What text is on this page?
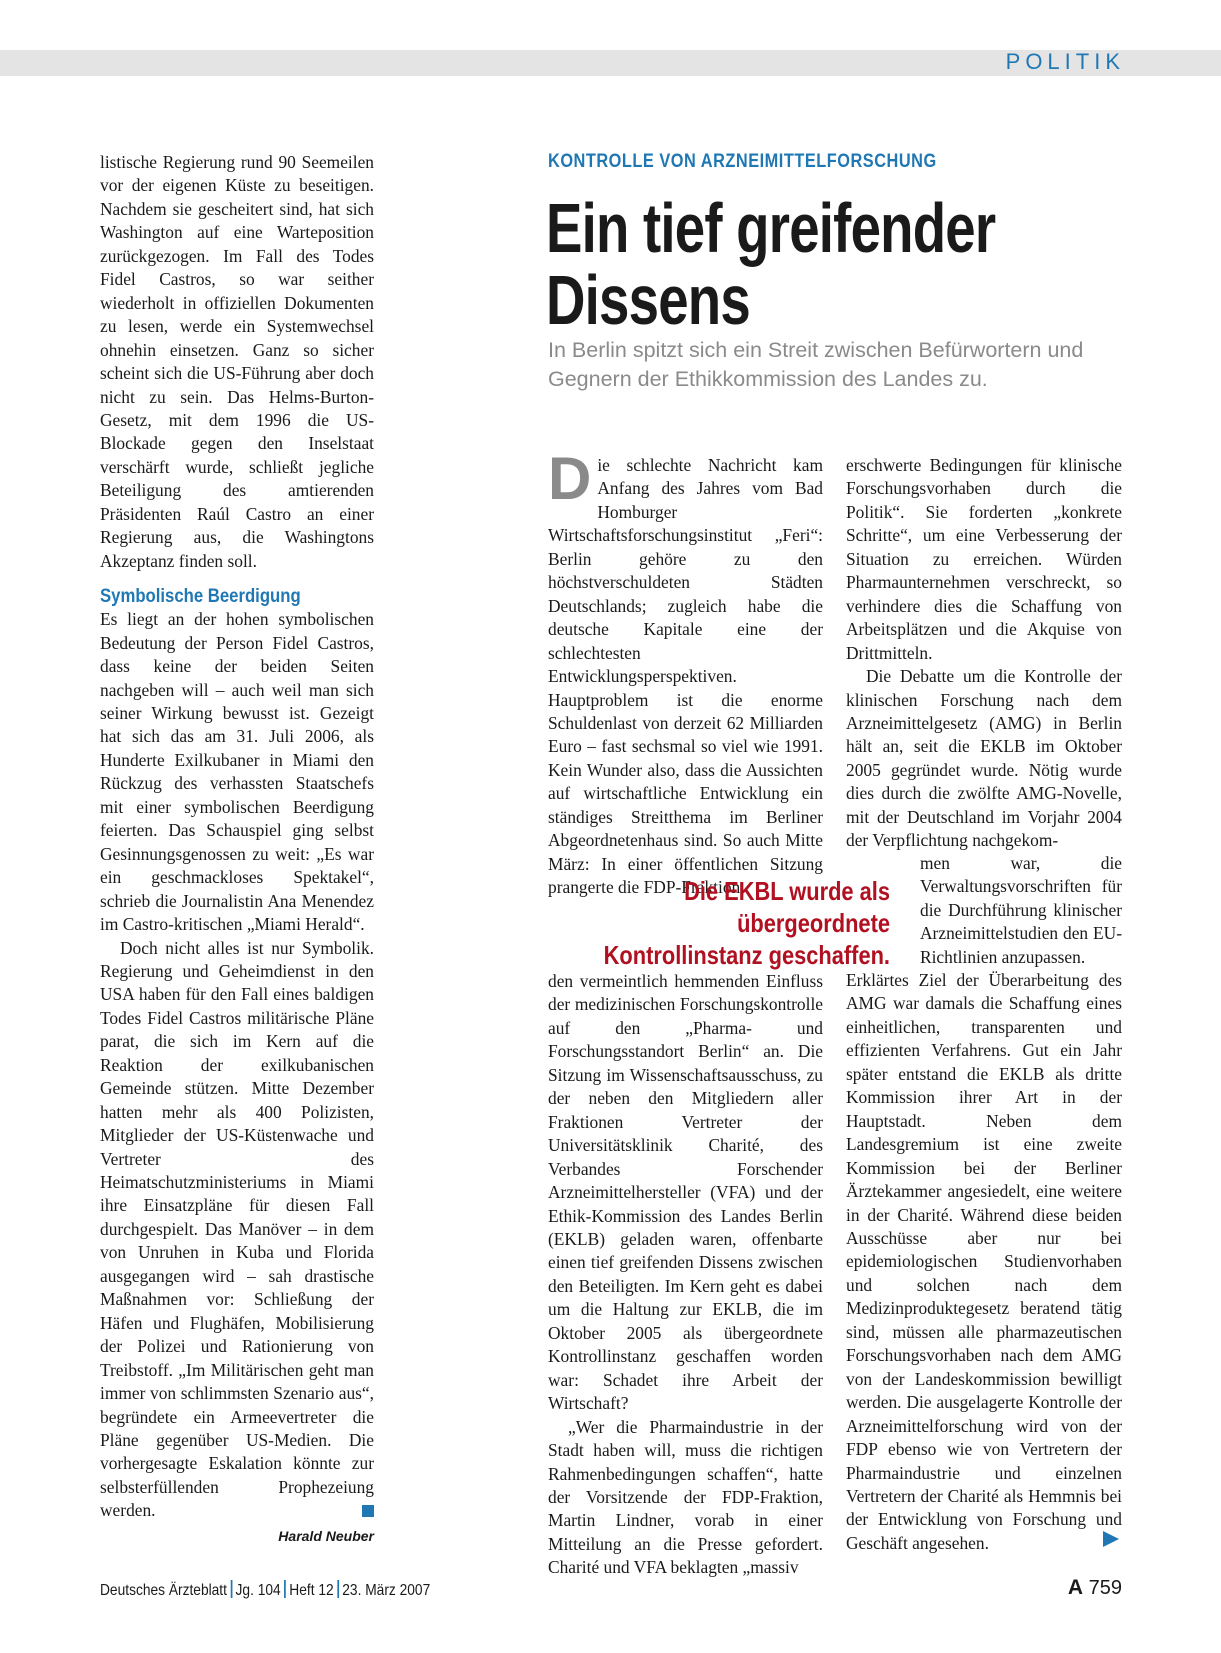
POLITIK

listische Regierung rund 90 Seemeilen vor der eigenen Küste zu beseitigen. Nachdem sie gescheitert sind, hat sich Washington auf eine Warteposition zurückgezogen. Im Fall des Todes Fidel Castros, so war seither wiederholt in offiziellen Dokumenten zu lesen, werde ein Systemwechsel ohnehin einsetzen. Ganz so sicher scheint sich die US-Führung aber doch nicht zu sein. Das Helms-Burton-Gesetz, mit dem 1996 die US-Blockade gegen den Inselstaat verschärft wurde, schließt jegliche Beteiligung des amtierenden Präsidenten Raúl Castro an einer Regierung aus, die Washingtons Akzeptanz finden soll.

Symbolische Beerdigung

Es liegt an der hohen symbolischen Bedeutung der Person Fidel Castros, dass keine der beiden Seiten nachgeben will – auch weil man sich seiner Wirkung bewusst ist. Gezeigt hat sich das am 31. Juli 2006, als Hunderte Exilkubaner in Miami den Rückzug des verhassten Staatschefs mit einer symbolischen Beerdigung feierten. Das Schauspiel ging selbst Gesinnungsgenossen zu weit: „Es war ein geschmackloses Spektakel“, schrieb die Journalistin Ana Menendez im Castro-kritischen „Miami Herald“.

Doch nicht alles ist nur Symbolik. Regierung und Geheimdienst in den USA haben für den Fall eines baldigen Todes Fidel Castros militärische Pläne parat, die sich im Kern auf die Reaktion der exilkubanischen Gemeinde stützen. Mitte Dezember hatten mehr als 400 Polizisten, Mitglieder der US-Küstenwache und Vertreter des Heimatschutzministeriums in Miami ihre Einsatzpläne für diesen Fall durchgespielt. Das Manöver – in dem von Unruhen in Kuba und Florida ausgegangen wird – sah drastische Maßnahmen vor: Schließung der Häfen und Flughäfen, Mobilisierung der Polizei und Rationierung von Treibstoff. „Im Militärischen geht man immer von schlimmsten Szenario aus“, begründete ein Armeevertreter die Pläne gegenüber US-Medien. Die vorhergesagte Eskalation könnte zur selbsterfüllenden Prophezeiung werden.

Harald Neuber
KONTROLLE VON ARZNEIMITTELFORSCHUNG
Ein tief greifender
Dissens
In Berlin spitzt sich ein Streit zwischen Befürwortern und Gegnern der Ethikkommission des Landes zu.

Die schlechte Nachricht kam Anfang des Jahres vom Bad Homburger Wirtschaftsforschungsinstitut „Feri“: Berlin gehöre zu den höchstverschuldeten Städten Deutschlands; zugleich habe die deutsche Kapitale eine der schlechtesten Entwicklungsperspektiven. Hauptproblem ist die enorme Schuldenlast von derzeit 62 Milliarden Euro – fast sechsmal so viel wie 1991. Kein Wunder also, dass die Aussichten auf wirtschaftliche Entwicklung ein ständiges Streitthema im Berliner Abgeordnetenhaus sind. So auch Mitte März: In einer öffentlichen Sitzung prangerte die FDP-Fraktion

Die EKBL wurde als übergeordnete
Kontrollinstanz geschaffen.

den vermeintlich hemmenden Einfluss der medizinischen Forschungskontrolle auf den „Pharma- und Forschungsstandort Berlin“ an. Die Sitzung im Wissenschaftsausschuss, zu der neben den Mitgliedern aller Fraktionen Vertreter der Universitätsklinik Charité, des Verbandes Forschender Arzneimittelhersteller (VFA) und der Ethik-Kommission des Landes Berlin (EKLB) geladen waren, offenbarte einen tief greifenden Dissens zwischen den Beteiligten. Im Kern geht es dabei um die Haltung zur EKLB, die im Oktober 2005 als übergeordnete Kontrollinstanz geschaffen worden war: Schadet ihre Arbeit der Wirtschaft?

„Wer die Pharmaindustrie in der Stadt haben will, muss die richtigen Rahmenbedingungen schaffen“, hatte der Vorsitzende der FDP-Fraktion, Martin Lindner, vorab in einer Mitteilung an die Presse gefordert. Charité und VFA beklagten „massiv

erschwerte Bedingungen für klinische Forschungsvorhaben durch die Politik“. Sie forderten „konkrete Schritte“, um eine Verbesserung der Situation zu erreichen. Würden Pharmaunternehmen verschreckt, so verhindere dies die Schaffung von Arbeitsplätzen und die Akquise von Drittmitteln.

Die Debatte um die Kontrolle der klinischen Forschung nach dem Arzneimittelgesetz (AMG) in Berlin hält an, seit die EKLB im Oktober 2005 gegründet wurde. Nötig wurde dies durch die zwölfte AMG-Novelle, mit der Deutschland im Vorjahr 2004 der Verpflichtung nachgekom-

men war, die Verwaltungsvorschriften für die Durchführung klinischer Arzneimittelstudien den EU-Richtlinien anzupassen.

Erklärtes Ziel der Überarbeitung des AMG war damals die Schaffung eines einheitlichen, transparenten und effizienten Verfahrens. Gut ein Jahr später entstand die EKLB als dritte Kommission ihrer Art in der Hauptstadt. Neben dem Landesgremium ist eine zweite Kommission bei der Berliner Ärztekammer angesiedelt, eine weitere in der Charité. Während diese beiden Ausschüsse aber nur bei epidemiologischen Studienvorhaben und solchen nach dem Medizinproduktegesetz beratend tätig sind, müssen alle pharmazeutischen Forschungsvorhaben nach dem AMG von der Landeskommission bewilligt werden. Die ausgelagerte Kontrolle der Arzneimittelforschung wird von der FDP ebenso wie von Vertretern der Pharmaindustrie und einzelnen Vertretern der Charité als Hemmnis bei der Entwicklung von Forschung und Geschäft angesehen.

Deutsches Ärzteblatt Jg. 104 Heft 12 23. März 2007	A 759
